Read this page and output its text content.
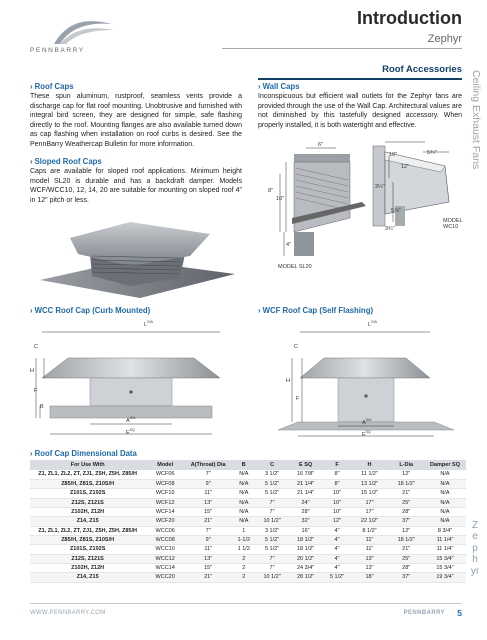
PENNBARRY
Introduction
Zephyr
Roof Accessories
Ceiling Exhaust Fans
› Roof Caps
These spun aluminum, rustproof, seamless vents provide a discharge cap for flat roof mounting. Unobtrusive and furnished with integral bird screen, they are designed for simple, safe flashing directly to the roof. Mounting flanges are also available turned down as cap flashing when installation on roof curbs is desired. See the PennBarry Weathercap Bulletin for more information.
› Sloped Roof Caps
Caps are available for sloped roof applications. Minimum height model SL20 is durable and has a backdraft damper. Models WCF/WCC10, 12, 14, 20 are suitable for mounting on sloped roof 4" in 12" pitch or less.
› Wall Caps
Inconspicuous but efficient wall outlets for the Zephyr fans are provided through the use of the Wall Cap. Architectural values are not diminished by this tastefully designed accessory. When properly installed, it is both watertight and effective.
6"
8"
10"
4"
MODEL SL20
10"	5¾"
12"
3¼"
5⅞"
3¾"
MODEL WC10
› WCC Roof Cap (Curb Mounted)	› WCF Roof Cap (Self Flashing)
$L^{DIA}$
C
H
F
B
$A^{DIA}$
$E^{SQ}$
$L^{DIA}$
C
H
F
$A^{DIA}$
$E^{SQ}$
› Roof Cap Dimensional Data
For Use With	Model	A(Throat) Dia	B	C	E SQ	F	H	L-Dia	Damper SQ
Z1, ZL1, ZL2, ZT, ZJ1, Z5H, Z5H, Z85/H	WCF06	7"	N/A	3 1/2"	16 7/8"	8"	11 1/2"	12"	N/A
Z85/H, Z81S, Z10S/H	WCF08	9"	N/A	5 1/2"	21 1/4"	8"	13 1/2"	18 1/2"	N/A
Z101S, Z102S	WCF10	11"	N/A	5 1/2"	21 1/4"	10"	15 1/2"	21"	N/A
Z12S, Z121S	WCF12	13"	N/A	7"	24"	10"	17"	25"	N/A
Z102H, Z12H	WCF14	15"	N/A	7"	28"	10"	17"	28"	N/A
Z14, Z15	WCF20	21"	N/A	10 1/2"	32"	12"	22 1/2"	37"	N/A
Z1, ZL1, ZL2, ZT, ZJ1, Z5H, Z5H, Z85/H	WCC06	7"	1	3 1/2"	16"	4"	8 1/2"	12"	8 3/4"
Z85/H, Z81S, Z10S/H	WCC08	9"	1-1/2	5 1/2"	18 1/2"	4"	11"	18 1/2"	11 1/4"
Z101S, Z102S	WCC10	11"	1 1/2	5 1/2"	18 1/2"	4"	11"	21"	11 1/4"
Z12S, Z121S	WCC12	13"	2	7"	20 1/2"	4"	13"	25"	15 3/4"
Z102H, Z12H	WCC14	15"	2	7"	24 3/4"	4"	13"	28"	15 3/4"
Z14, Z15	WCC20	21"	2	10 1/2"	28 1/2"	5 1/2"	18"	37"	19 3/4"
Zephyr
WWW.PENNBARRY.COM	PENNBARRY 5
